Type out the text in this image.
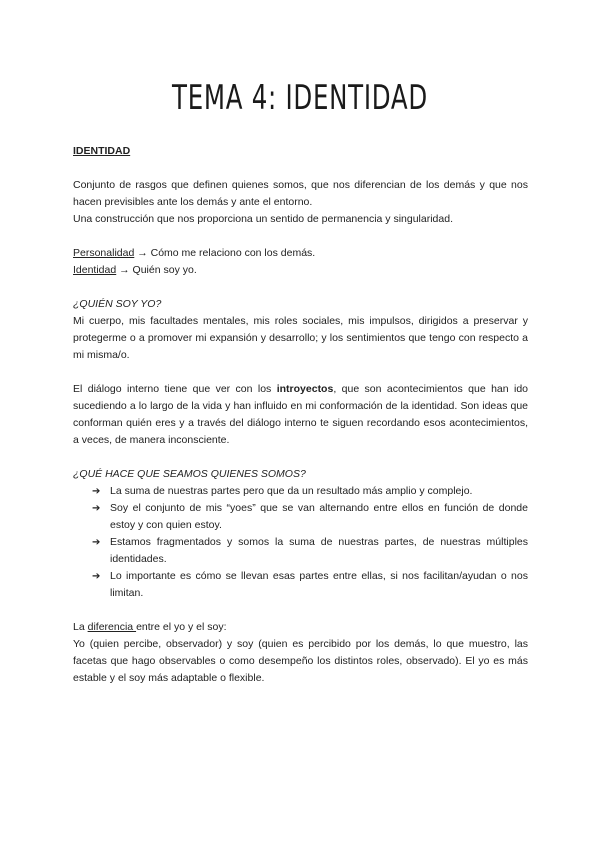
TEMA 4: IDENTIDAD

IDENTIDAD

Conjunto de rasgos que definen quienes somos, que nos diferencian de los demás y que nos hacen previsibles ante los demás y ante el entorno.

Una construcción que nos proporciona un sentido de permanencia y singularidad.

Personalidad → Cómo me relaciono con los demás.

Identidad → Quién soy yo.

¿QUIÉN SOY YO?

Mi cuerpo, mis facultades mentales, mis roles sociales, mis impulsos, dirigidos a preservar y protegerme o a promover mi expansión y desarrollo; y los sentimientos que tengo con respecto a mi misma/o.

El diálogo interno tiene que ver con los introyectos, que son acontecimientos que han ido sucediendo a lo largo de la vida y han influido en mi conformación de la identidad. Son ideas que conforman quién eres y a través del diálogo interno te siguen recordando esos acontecimientos, a veces, de manera inconsciente.

¿QUÉ HACE QUE SEAMOS QUIENES SOMOS?

➔ La suma de nuestras partes pero que da un resultado más amplio y complejo.
➔ Soy el conjunto de mis “yoes” que se van alternando entre ellos en función de donde estoy y con quien estoy.
➔ Estamos fragmentados y somos la suma de nuestras partes, de nuestras múltiples identidades.
➔ Lo importante es cómo se llevan esas partes entre ellas, si nos facilitan/ayudan o nos limitan.

La diferencia entre el yo y el soy:

Yo (quien percibe, observador) y soy (quien es percibido por los demás, lo que muestro, las facetas que hago observables o como desempeño los distintos roles, observado). El yo es más estable y el soy más adaptable o flexible.
